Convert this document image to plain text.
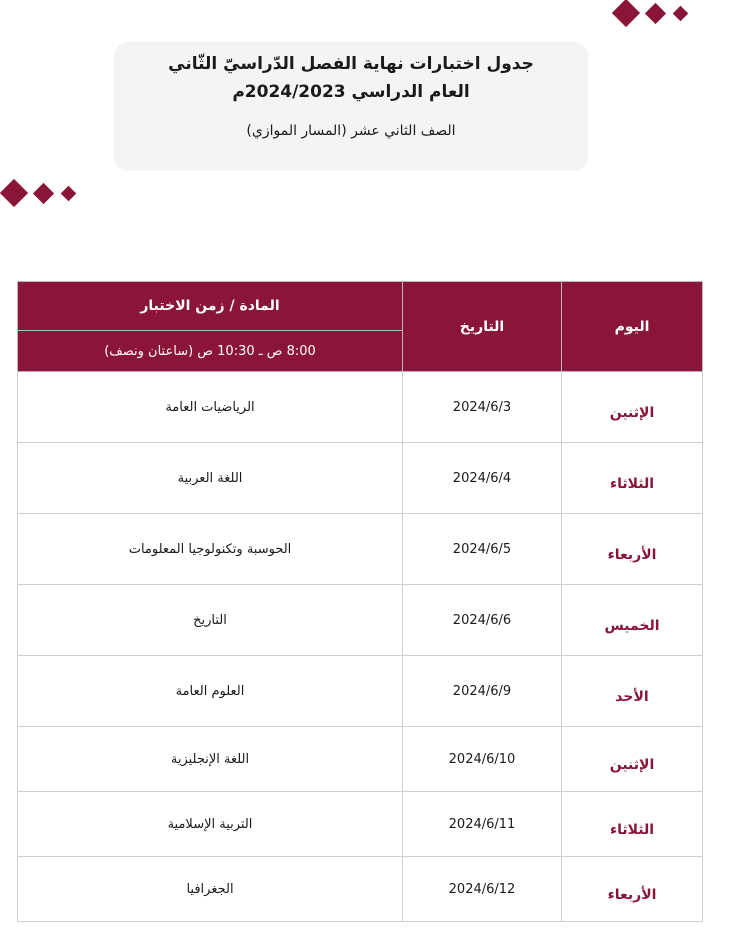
جدول اختبارات نهاية الفصل الدّراسيّ الثّاني
العام الدراسي 2024/2023م
الصف الثاني عشر (المسار الموازي)
اليوم	التاريخ	المادة / زمن الاختبار
		8:00 ص ـ 10:30 ص (ساعتان ونصف)
الإثنين	2024/6/3	الرياضيات العامة
الثلاثاء	2024/6/4	اللغة العربية
الأربعاء	2024/6/5	الحوسبة وتكنولوجيا المعلومات
الخميس	2024/6/6	التاريخ
الأحد	2024/6/9	العلوم العامة
الإثنين	2024/6/10	اللغة الإنجليزية
الثلاثاء	2024/6/11	التربية الإسلامية
الأربعاء	2024/6/12	الجغرافيا
